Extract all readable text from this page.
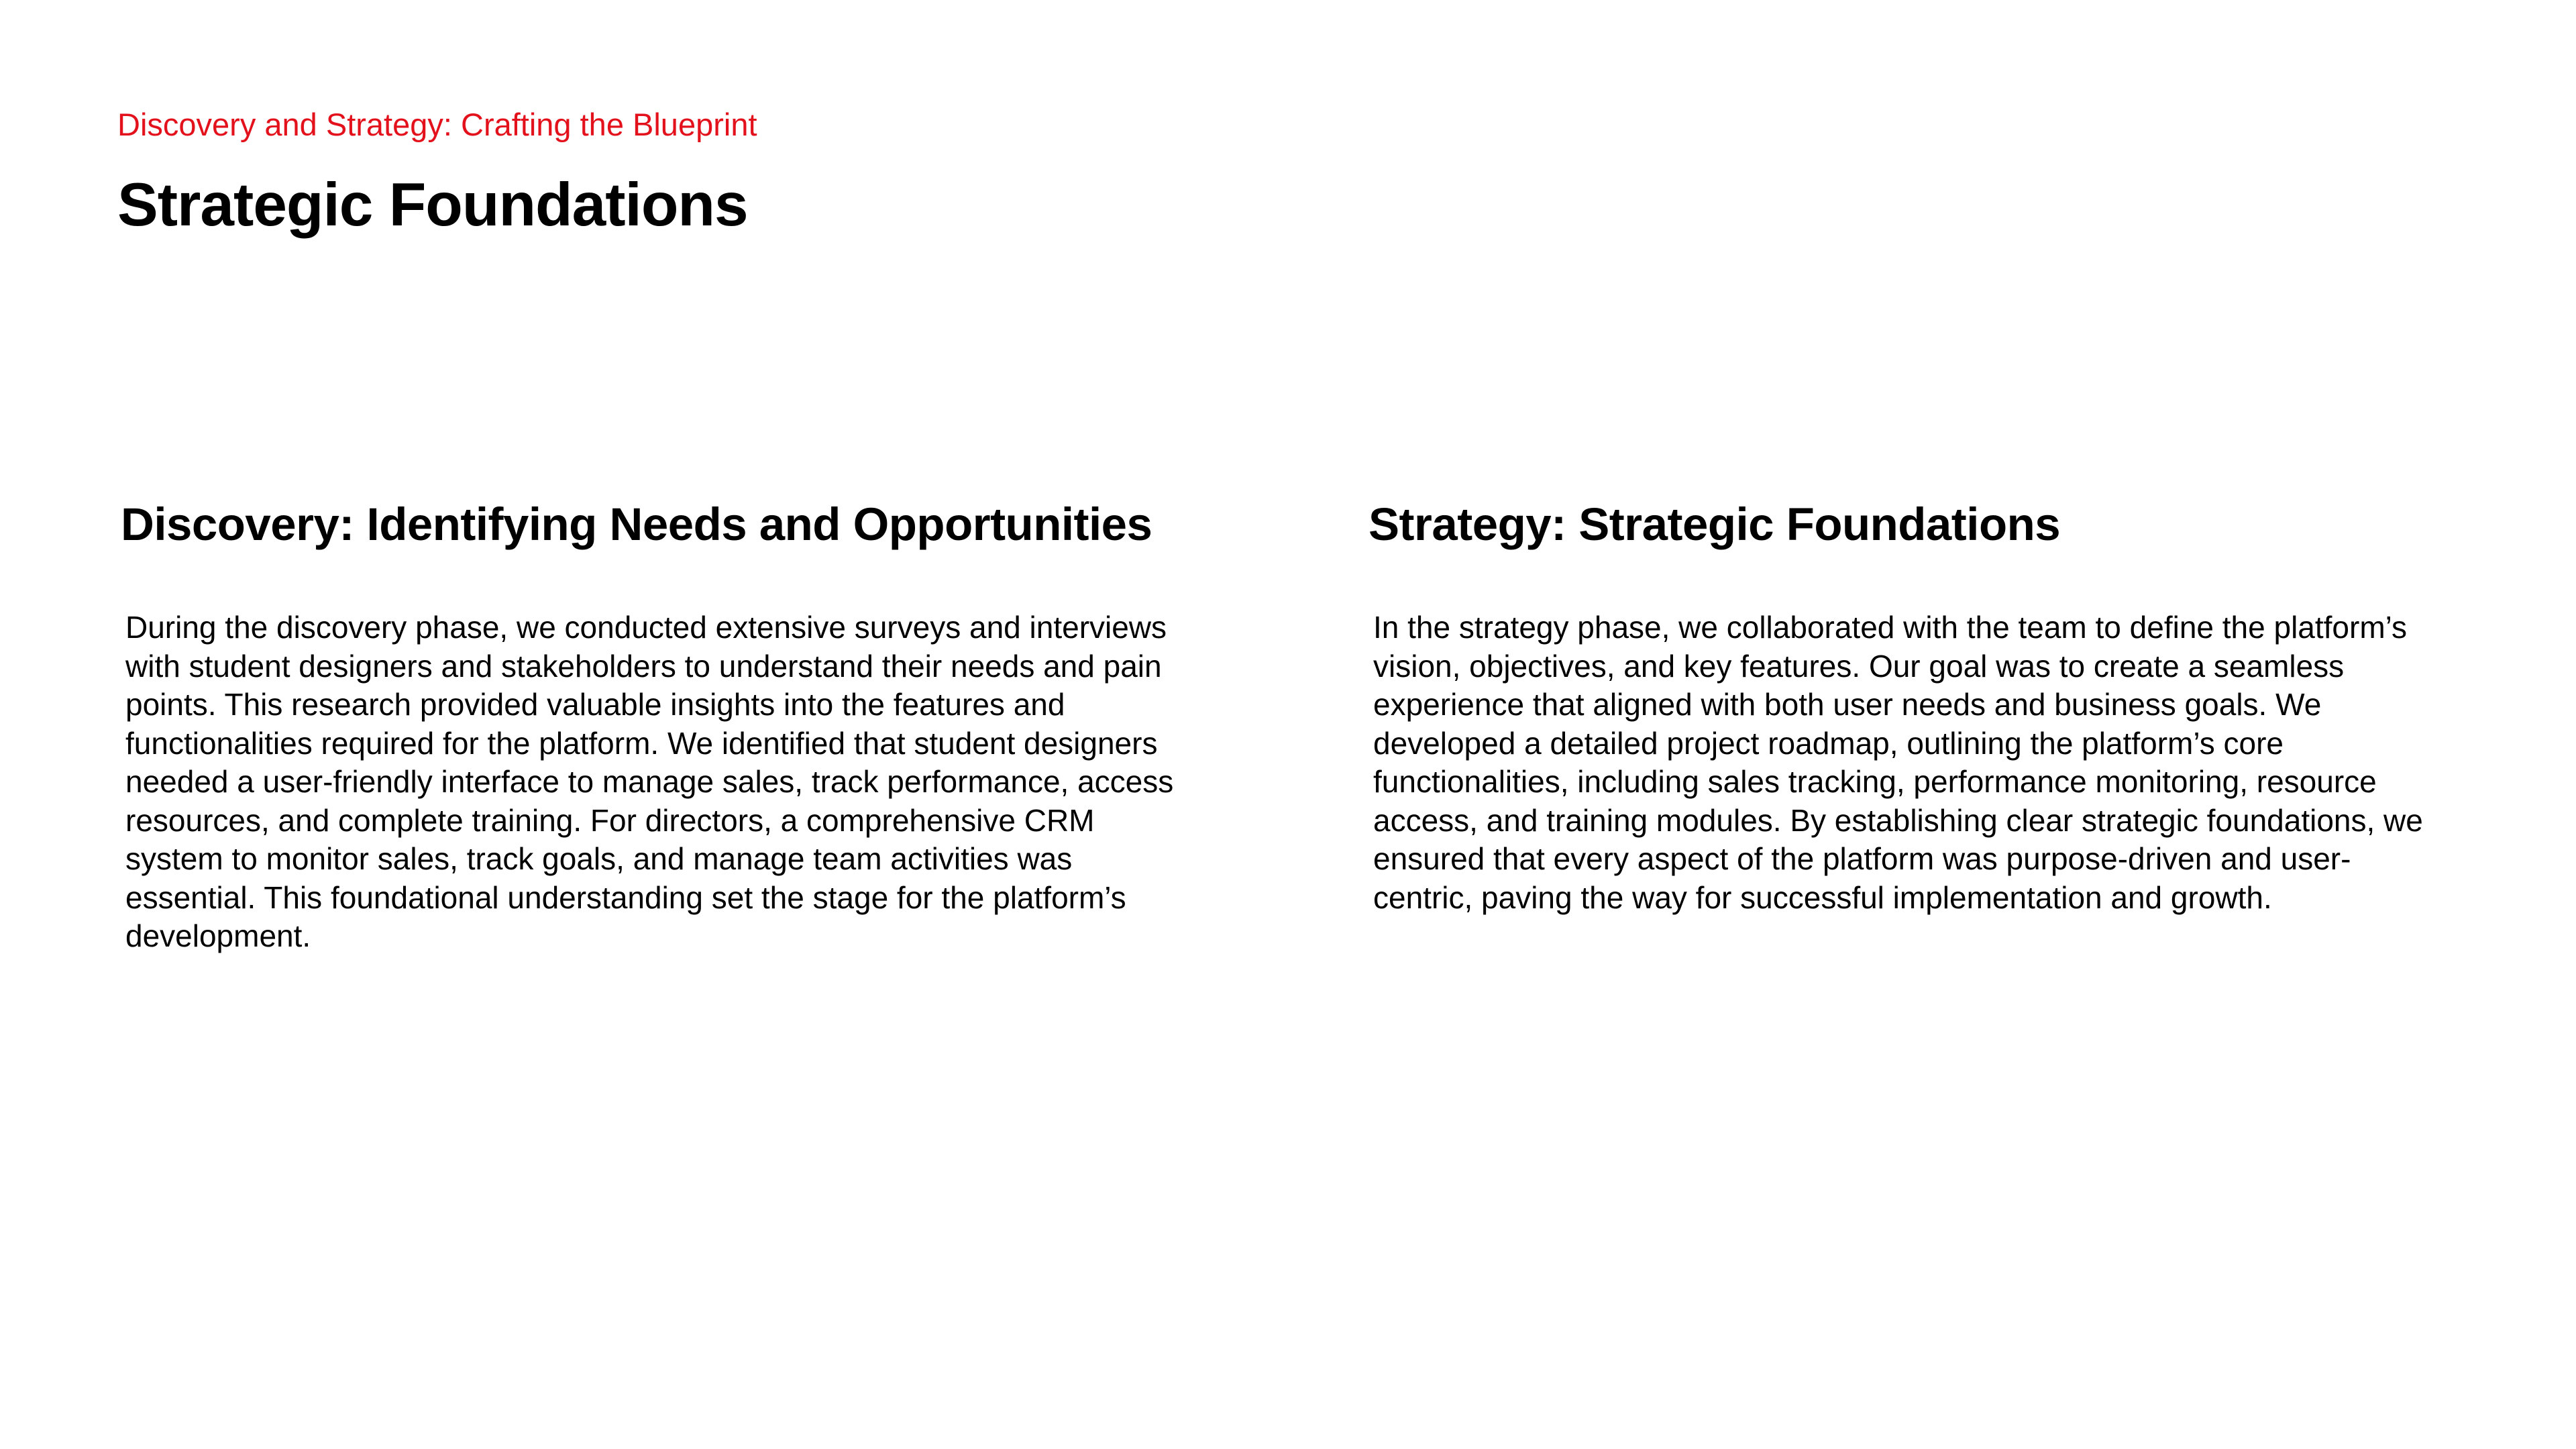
Discovery and Strategy: Crafting the Blueprint
Strategic Foundations
Discovery: Identifying Needs and Opportunities

During the discovery phase, we conducted extensive surveys and interviews with student designers and stakeholders to understand their needs and pain points. This research provided valuable insights into the features and functionalities required for the platform. We identified that student designers needed a user-friendly interface to manage sales, track performance, access resources, and complete training. For directors, a comprehensive CRM system to monitor sales, track goals, and manage team activities was essential. This foundational understanding set the stage for the platform’s development.

Strategy: Strategic Foundations

In the strategy phase, we collaborated with the team to define the platform’s vision, objectives, and key features. Our goal was to create a seamless experience that aligned with both user needs and business goals. We developed a detailed project roadmap, outlining the platform’s core functionalities, including sales tracking, performance monitoring, resource access, and training modules. By establishing clear strategic foundations, we ensured that every aspect of the platform was purpose-driven and user-centric, paving the way for successful implementation and growth.
